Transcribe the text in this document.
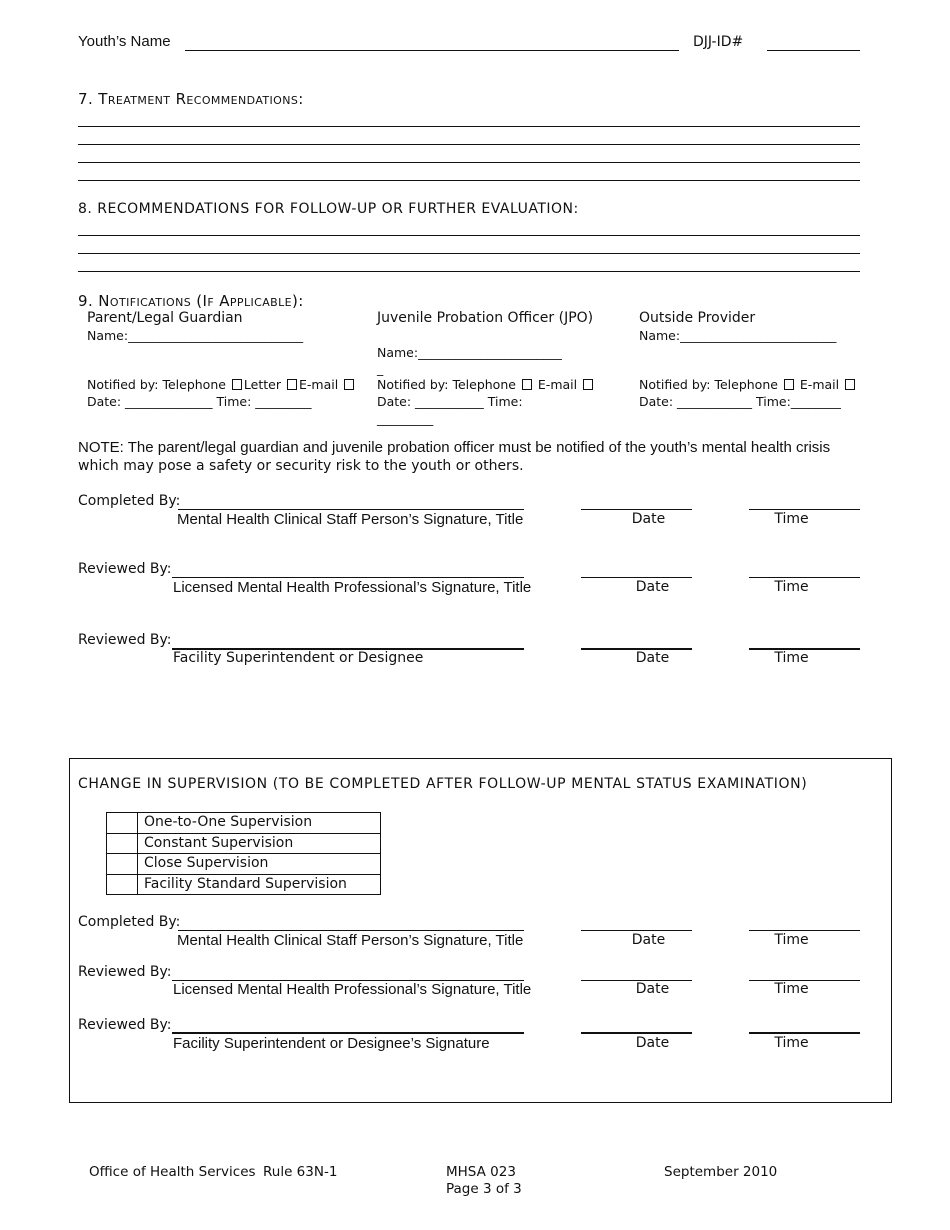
Youth’s Name	DJJ-ID#
7. Treatment Recommendations:
8. RECOMMENDATIONS FOR FOLLOW-UP OR FURTHER EVALUATION:
9. Notifications (If Applicable):
Parent/Legal Guardian
Name:____________________________
Notified by: Telephone Letter E-mail
Date: ______________ Time: _________
Juvenile Probation Officer (JPO)
Name:_______________________
_
Notified by: Telephone E-mail
Date: ___________ Time:
_________
Outside Provider
Name:_________________________
Notified by: Telephone E-mail
Date: ____________ Time:________
NOTE: The parent/legal guardian and juvenile probation officer must be notified of the youth’s mental health crisis
which may pose a safety or security risk to the youth or others.
Completed By:
Mental Health Clinical Staff Person’s Signature, Title	Date	Time
Reviewed By:
Licensed Mental Health Professional’s Signature, Title	Date	Time
Reviewed By:
Facility Superintendent or Designee	Date	Time
CHANGE IN SUPERVISION (TO BE COMPLETED AFTER FOLLOW-UP MENTAL STATUS EXAMINATION)
	One-to-One Supervision
	Constant Supervision
	Close Supervision
	Facility Standard Supervision
Completed By:
Mental Health Clinical Staff Person’s Signature, Title	Date	Time
Reviewed By:
Licensed Mental Health Professional’s Signature, Title	Date	Time
Reviewed By:
Facility Superintendent or Designee’s Signature	Date	Time
Office of Health Services Rule 63N-1	MHSA 023
Page 3 of 3
September 2010
